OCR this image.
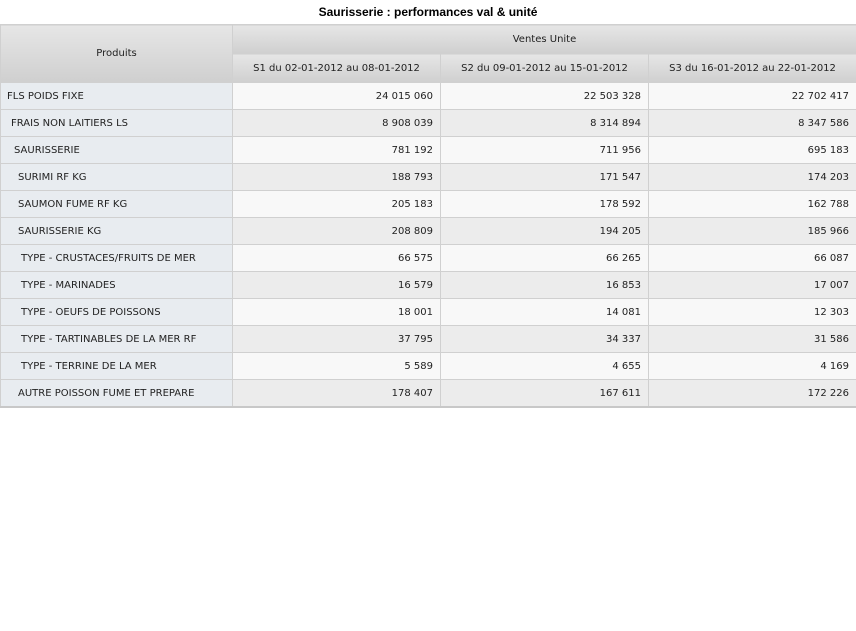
Saurisserie : performances val & unité
Produits	Ventes Unite		
	S1 du 02-01-2012 au 08-01-2012	S2 du 09-01-2012 au 15-01-2012	S3 du 16-01-2012 au 22-01-2012
FLS POIDS FIXE	24 015 060	22 503 328	22 702 417
FRAIS NON LAITIERS LS	8 908 039	8 314 894	8 347 586
SAURISSERIE	781 192	711 956	695 183
SURIMI RF KG	188 793	171 547	174 203
SAUMON FUME RF KG	205 183	178 592	162 788
SAURISSERIE KG	208 809	194 205	185 966
TYPE - CRUSTACES/FRUITS DE MER	66 575	66 265	66 087
TYPE - MARINADES	16 579	16 853	17 007
TYPE - OEUFS DE POISSONS	18 001	14 081	12 303
TYPE - TARTINABLES DE LA MER RF	37 795	34 337	31 586
TYPE - TERRINE DE LA MER	5 589	4 655	4 169
AUTRE POISSON FUME ET PREPARE	178 407	167 611	172 226
